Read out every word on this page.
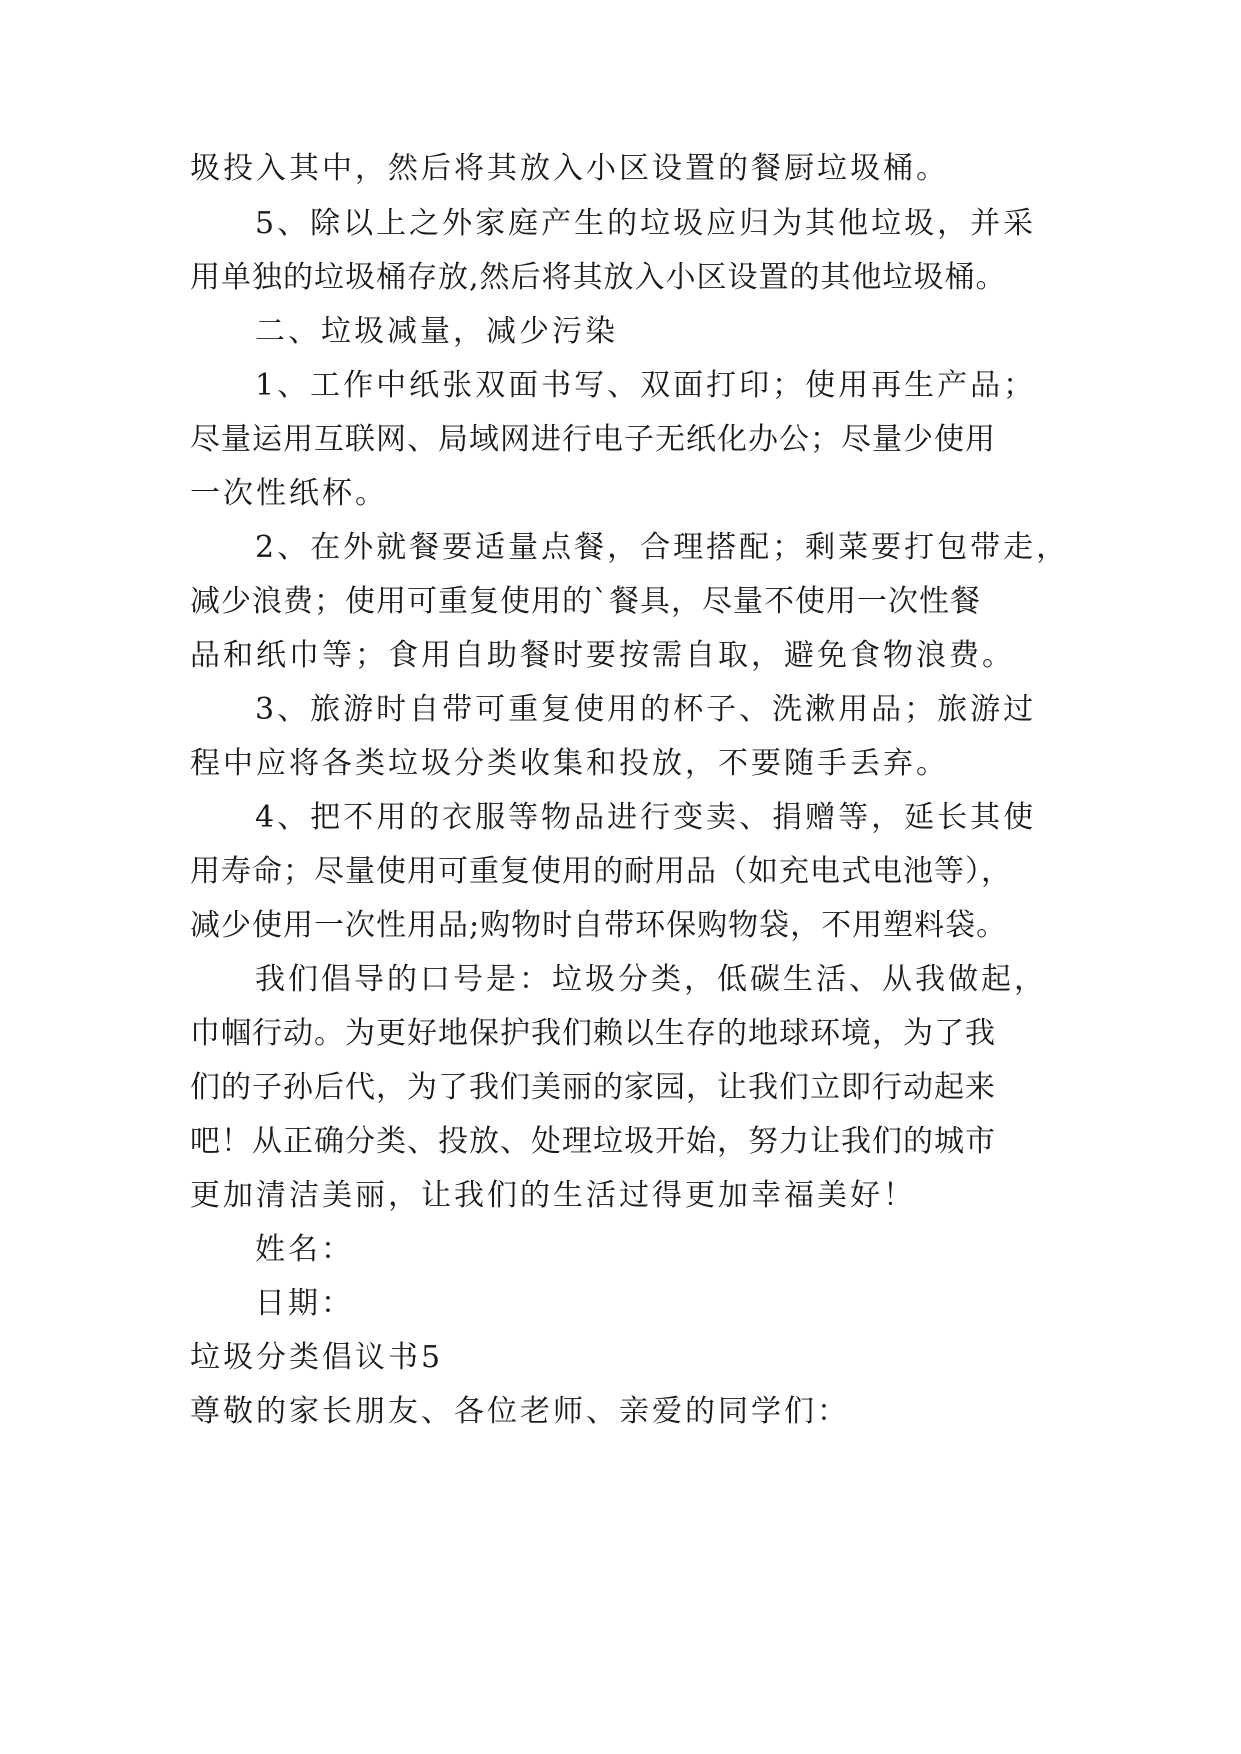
圾投入其中，然后将其放入小区设置的餐厨垃圾桶。
5、除以上之外家庭产生的垃圾应归为其他垃圾，并采
用单独的垃圾桶存放,然后将其放入小区设置的其他垃圾桶。
二、垃圾减量，减少污染
1、工作中纸张双面书写、双面打印；使用再生产品；
尽量运用互联网、局域网进行电子无纸化办公；尽量少使用
一次性纸杯。
2、在外就餐要适量点餐，合理搭配；剩菜要打包带走，
减少浪费；使用可重复使用的`餐具，尽量不使用一次性餐
品和纸巾等；食用自助餐时要按需自取，避免食物浪费。
3、旅游时自带可重复使用的杯子、洗漱用品；旅游过
程中应将各类垃圾分类收集和投放，不要随手丢弃。
4、把不用的衣服等物品进行变卖、捐赠等，延长其使
用寿命；尽量使用可重复使用的耐用品（如充电式电池等），
减少使用一次性用品;购物时自带环保购物袋，不用塑料袋。
我们倡导的口号是：垃圾分类，低碳生活、从我做起，
巾帼行动。为更好地保护我们赖以生存的地球环境，为了我
们的子孙后代，为了我们美丽的家园，让我们立即行动起来
吧！从正确分类、投放、处理垃圾开始，努力让我们的城市
更加清洁美丽，让我们的生活过得更加幸福美好！
姓名：
日期：
垃圾分类倡议书5
尊敬的家长朋友、各位老师、亲爱的同学们：
